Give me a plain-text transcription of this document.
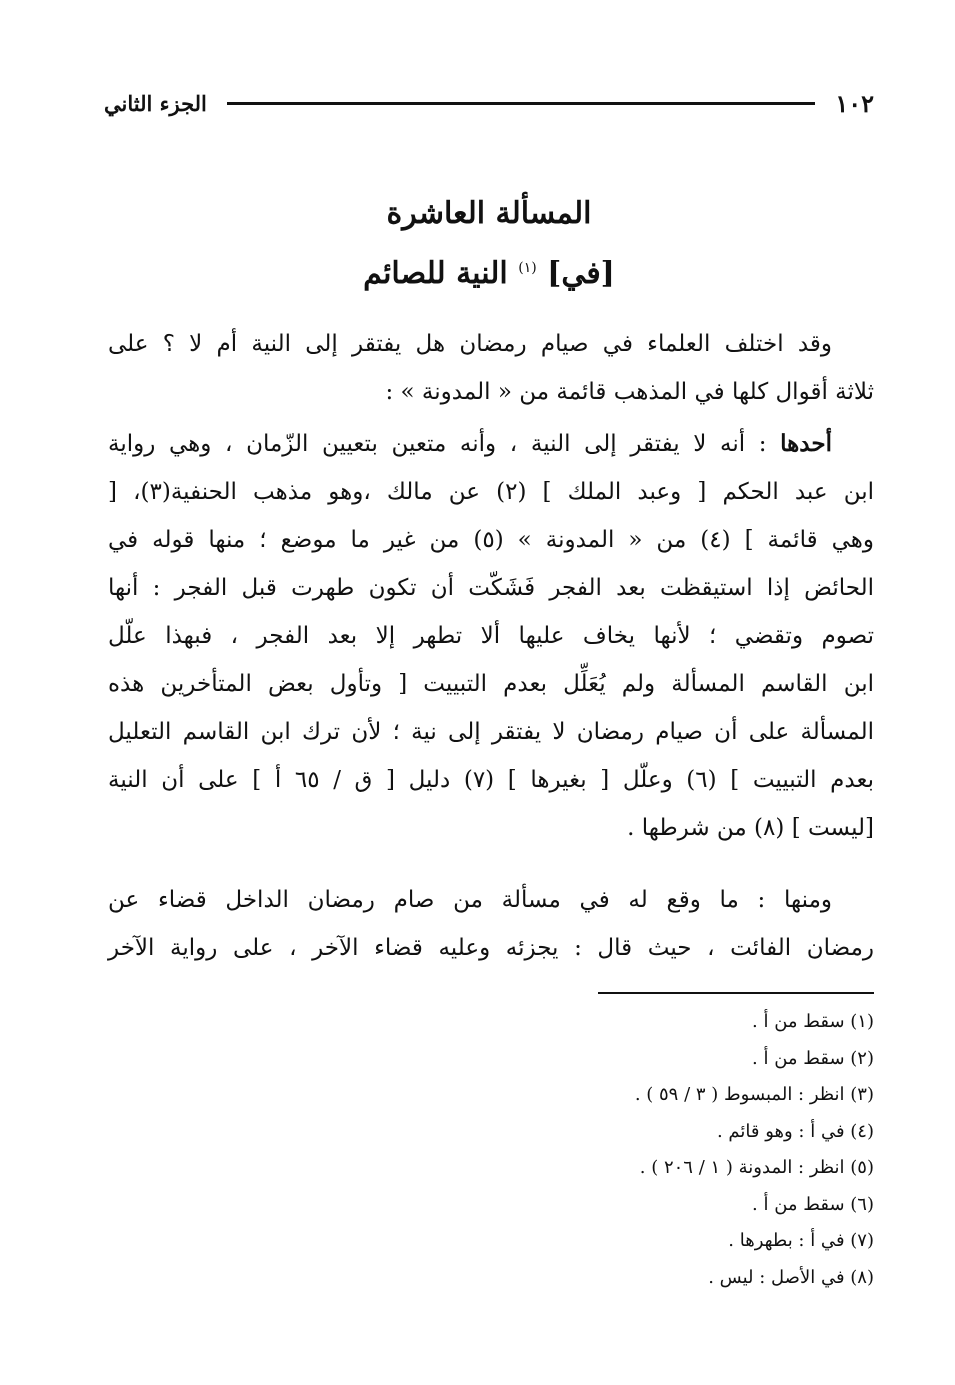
١٠٢
الجزء الثاني
المسألة العاشرة
[في] $^{(١)}$ النية للصائم
وقد اختلف العلماء في صيام رمضان هل يفتقر إلى النية أم لا ؟ على
ثلاثة أقوال كلها في المذهب قائمة من « المدونة » :
أحدها : أنه لا يفتقر إلى النية ، وأنه متعين بتعيين الزّمان ، وهي رواية
ابن عبد الحكم [ وعبد الملك ] (٢) عن مالك ،وهو مذهب الحنفية(٣)، [
وهي قائمة ] (٤) من « المدونة » (٥) من غير ما موضع ؛ منها قوله في
الحائض إذا استيقظت بعد الفجر فَشَكّت أن تكون طهرت قبل الفجر : أنها
تصوم وتقضي ؛ لأنها يخاف عليها ألا تطهر إلا بعد الفجر ، فبهذا علّل
ابن القاسم المسألة ولم يُعَلِّل بعدم التبييت [ وتأول بعض المتأخرين هذه
المسألة على أن صيام رمضان لا يفتقر إلى نية ؛ لأن ترك ابن القاسم التعليل
بعدم التبييت ] (٦) وعلّل [ بغيرها ] (٧) دليل [ ق / ٦٥ أ ] على أن النية
[ليست ] (٨) من شرطها .
ومنها : ما وقع له في مسألة من صام رمضان الداخل قضاء عن
رمضان الفائت ، حيث قال : يجزئه وعليه قضاء الآخر ، على رواية الآخر
(١) سقط من أ .
(٢) سقط من أ .
(٣) انظر : المبسوط ( ٣ / ٥٩ ) .
(٤) في أ : وهو قائم .
(٥) انظر : المدونة ( ١ / ٢٠٦ ) .
(٦) سقط من أ .
(٧) في أ : بطهرها .
(٨) في الأصل : ليس .
